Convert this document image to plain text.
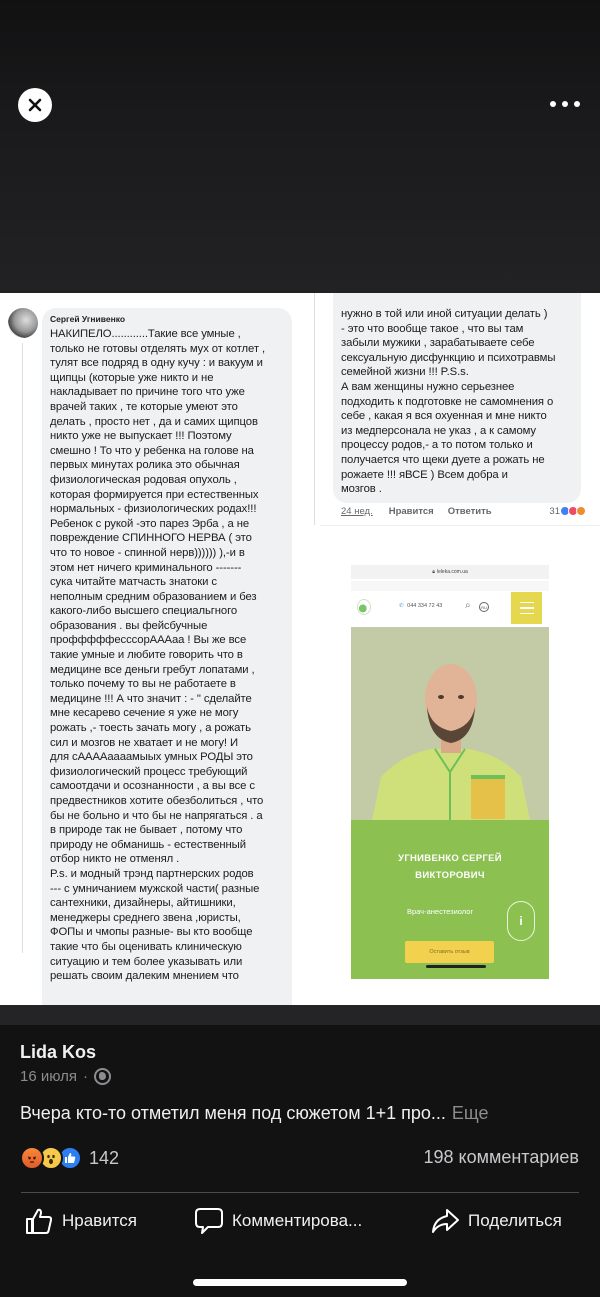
Сергей Угнивенко
НАКИПЕЛО............Такие все умные ,
только не готовы отделять мух от котлет ,
тулят все подряд в одну кучу : и вакуум и
щипцы (которые уже никто и не
накладывает по причине того что уже
врачей таких , те которые умеют это
делать , просто нет , да и самих щипцов
никто уже не выпускает !!! Поэтому
смешно ! То что у ребенка на голове на
первых минутах ролика это обычная
физиологическая родовая опухоль ,
которая формируется при естественных
нормальных - физиологических родах!!!
Ребенок с рукой -это парез Эрба , а не
повреждение СПИННОГО НЕРВА ( это
что то новое - спинной нерв)))))) ),-и в
этом нет ничего криминального -------
сука читайте матчасть знатоки с
неполным средним образованием и без
какого-либо высшего специальгного
образования . вы фейсбучные
профффффесссорААAaa ! Вы же все
такие умные и любите говорить что в
медицине все деньги гребут лопатами ,
только почему то вы не работаете в
медицине !!! А что значит : - " сделайте
мне кесарево сечение я уже не могу
рожать ,- тоесть зачать могу , а рожать
сил и мозгов не хватает и не могу! И
для сААААaaaaмыых умных РОДЫ это
физиологический процесс требующий
самоотдачи и осознанности , а вы все с
предвестников хотите обезболиться , что
бы не больно и что бы не напрягаться . а
в природе так не бывает , потому что
природу не обманишь - естественный
отбор никто не отменял .
P.s. и модный трэнд партнерских родов
--- с умничанием мужской части( разные
сантехники, дизайнеры, айтишники,
менеджеры среднего звена ,юристы,
ФОПы и чмопы разные- вы кто вообще
такие что бы оценивать клиническую
ситуацию и тем более указывать или
решать своим далеким мнением что
нужно в той или иной ситуации делать )
- это что вообще такое , что вы там
забыли мужики , зарабатываете себе
сексуальную дисфункцию и психотравмы
семейной жизни !!! P.S.s.
А вам женщины нужно серьезнее
подходить к подготовке не самомнения о
себе , какая я вся охуенная и мне никто
из медперсонала не указ , а к самому
процессу родов,- а то потом только и
получается что щеки дуете а рожать не
рожаете !!! яВСЕ ) Всем добра и
мозгов .
24 нед. Нравится Ответить	31
🔒︎ leleka.com.ua
✆ 044 334 72 43 ⌕	RU
УГНИВЕНКО СЕРГЕЙ
ВИКТОРОВИЧ
Врач-анестезиолог
i
Оставить отзыв
Lida Kos
16 июля ·
Вчера кто-то отметил меня под сюжетом 1+1 про... Еще
142	198 комментариев
Нравится	Комментирова...	Поделиться
